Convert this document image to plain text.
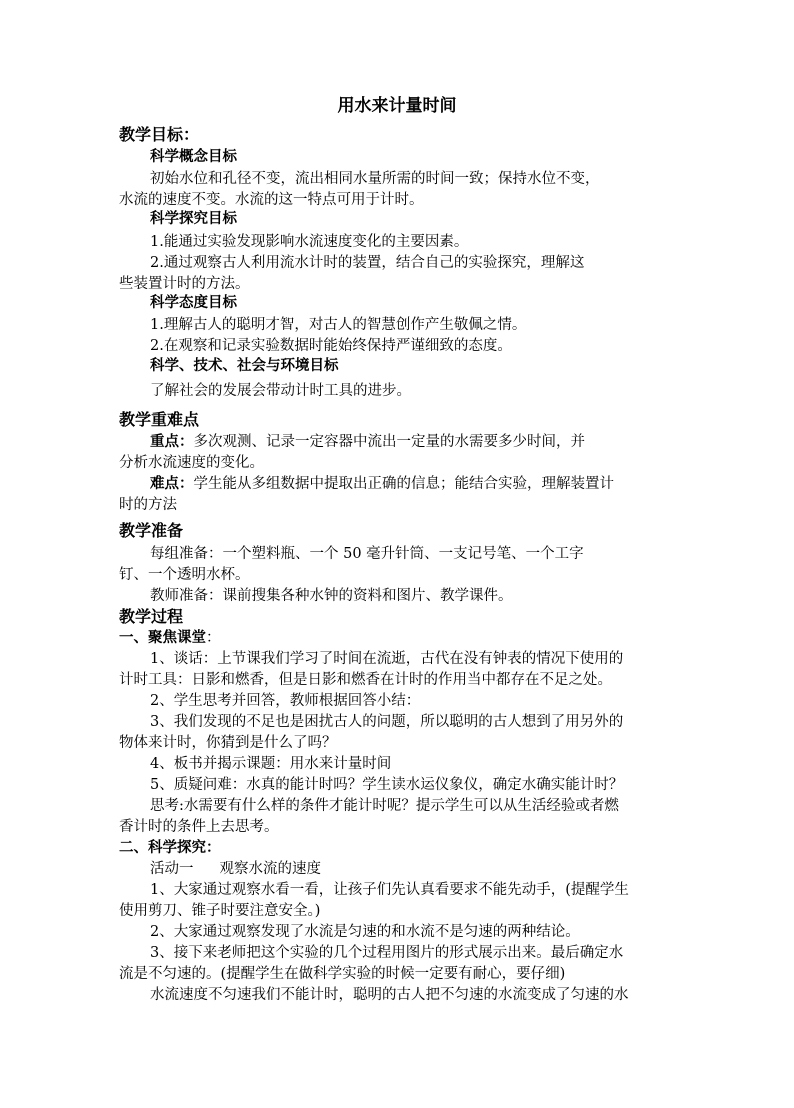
用水来计量时间
教学目标：
科学概念目标
初始水位和孔径不变，流出相同水量所需的时间一致；保持水位不变，
水流的速度不变。水流的这一特点可用于计时。
科学探究目标
1.能通过实验发现影响水流速度变化的主要因素。
2.通过观察古人利用流水计时的装置，结合自己的实验探究，理解这
些装置计时的方法。
科学态度目标
1.理解古人的聪明才智，对古人的智慧创作产生敬佩之情。
2.在观察和记录实验数据时能始终保持严谨细致的态度。
科学、技术、社会与环境目标
了解社会的发展会带动计时工具的进步。
教学重难点
重点：多次观测、记录一定容器中流出一定量的水需要多少时间，并
分析水流速度的变化。
难点：学生能从多组数据中提取出正确的信息；能结合实验，理解装置计
时的方法
教学准备
每组准备：一个塑料瓶、一个 50 毫升针筒、一支记号笔、一个工字
钉、一个透明水杯。
教师准备：课前搜集各种水钟的资料和图片、教学课件。
教学过程
一、聚焦课堂：
1、谈话：上节课我们学习了时间在流逝，古代在没有钟表的情况下使用的
计时工具：日影和燃香，但是日影和燃香在计时的作用当中都存在不足之处。
2、学生思考并回答，教师根据回答小结：
3、我们发现的不足也是困扰古人的问题，所以聪明的古人想到了用另外的
物体来计时，你猜到是什么了吗？
4、板书并揭示课题：用水来计量时间
5、质疑问难：水真的能计时吗？学生读水运仪象仪，确定水确实能计时？
思考:水需要有什么样的条件才能计时呢？提示学生可以从生活经验或者燃
香计时的条件上去思考。
二、科学探究：
活动一 观察水流的速度
1、大家通过观察水看一看，让孩子们先认真看要求不能先动手，(提醒学生
使用剪刀、锥子时要注意安全。)
2、大家通过观察发现了水流是匀速的和水流不是匀速的两种结论。
3、接下来老师把这个实验的几个过程用图片的形式展示出来。最后确定水
流是不匀速的。(提醒学生在做科学实验的时候一定要有耐心，要仔细)
水流速度不匀速我们不能计时，聪明的古人把不匀速的水流变成了匀速的水
